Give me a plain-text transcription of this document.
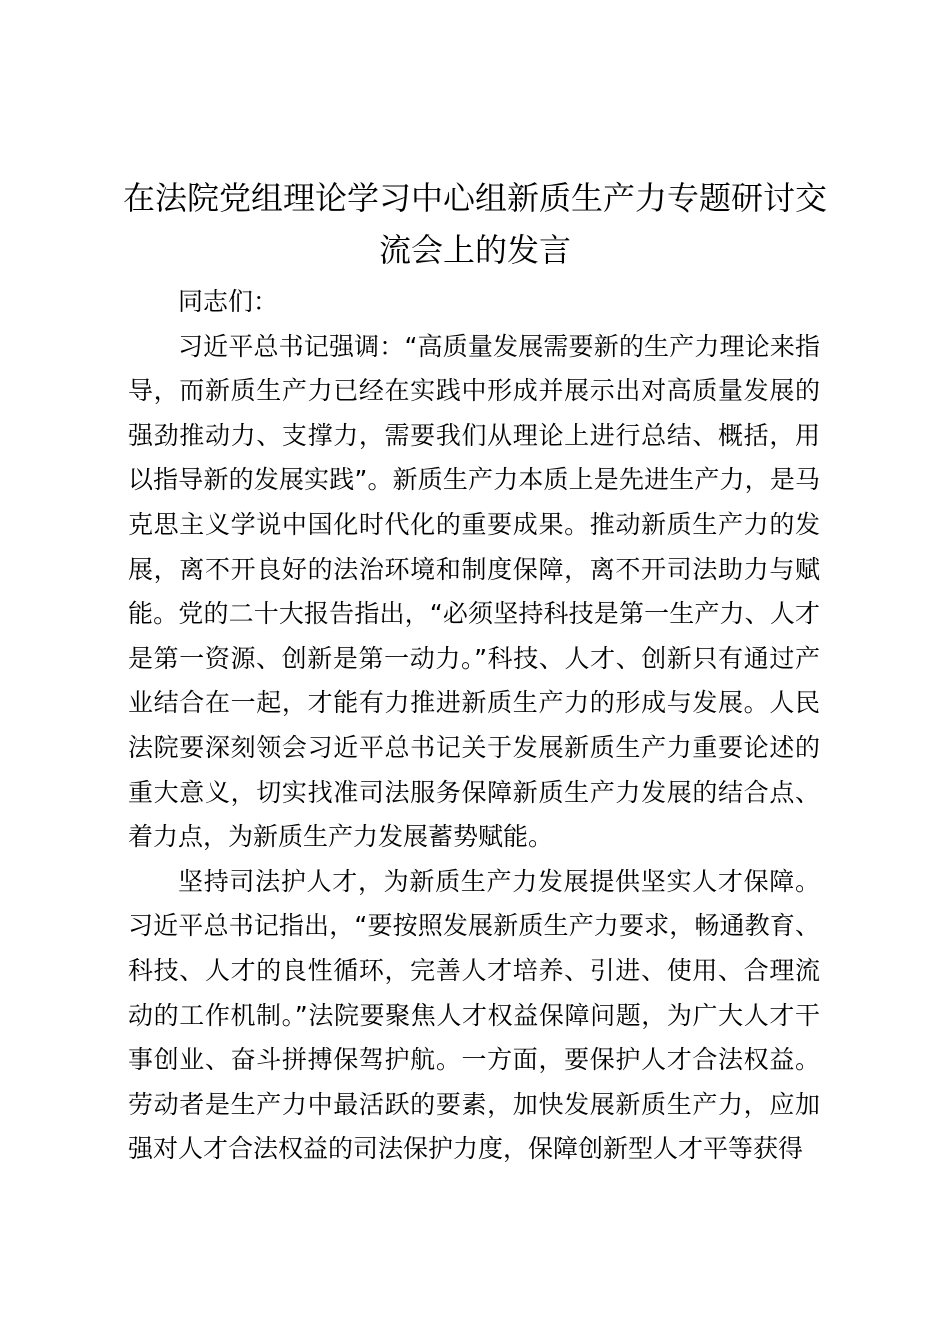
在法院党组理论学习中心组新质生产力专题研讨交流会上的发言

同志们：

习近平总书记强调：“高质量发展需要新的生产力理论来指导，而新质生产力已经在实践中形成并展示出对高质量发展的强劲推动力、支撑力，需要我们从理论上进行总结、概括，用以指导新的发展实践”。新质生产力本质上是先进生产力，是马克思主义学说中国化时代化的重要成果。推动新质生产力的发展，离不开良好的法治环境和制度保障，离不开司法助力与赋能。党的二十大报告指出，“必须坚持科技是第一生产力、人才是第一资源、创新是第一动力。”科技、人才、创新只有通过产业结合在一起，才能有力推进新质生产力的形成与发展。人民法院要深刻领会习近平总书记关于发展新质生产力重要论述的重大意义，切实找准司法服务保障新质生产力发展的结合点、着力点，为新质生产力发展蓄势赋能。

坚持司法护人才，为新质生产力发展提供坚实人才保障。习近平总书记指出，“要按照发展新质生产力要求，畅通教育、科技、人才的良性循环，完善人才培养、引进、使用、合理流动的工作机制。”法院要聚焦人才权益保障问题，为广大人才干事创业、奋斗拼搏保驾护航。一方面，要保护人才合法权益。劳动者是生产力中最活跃的要素，加快发展新质生产力，应加强对人才合法权益的司法保护力度，保障创新型人才平等获得
